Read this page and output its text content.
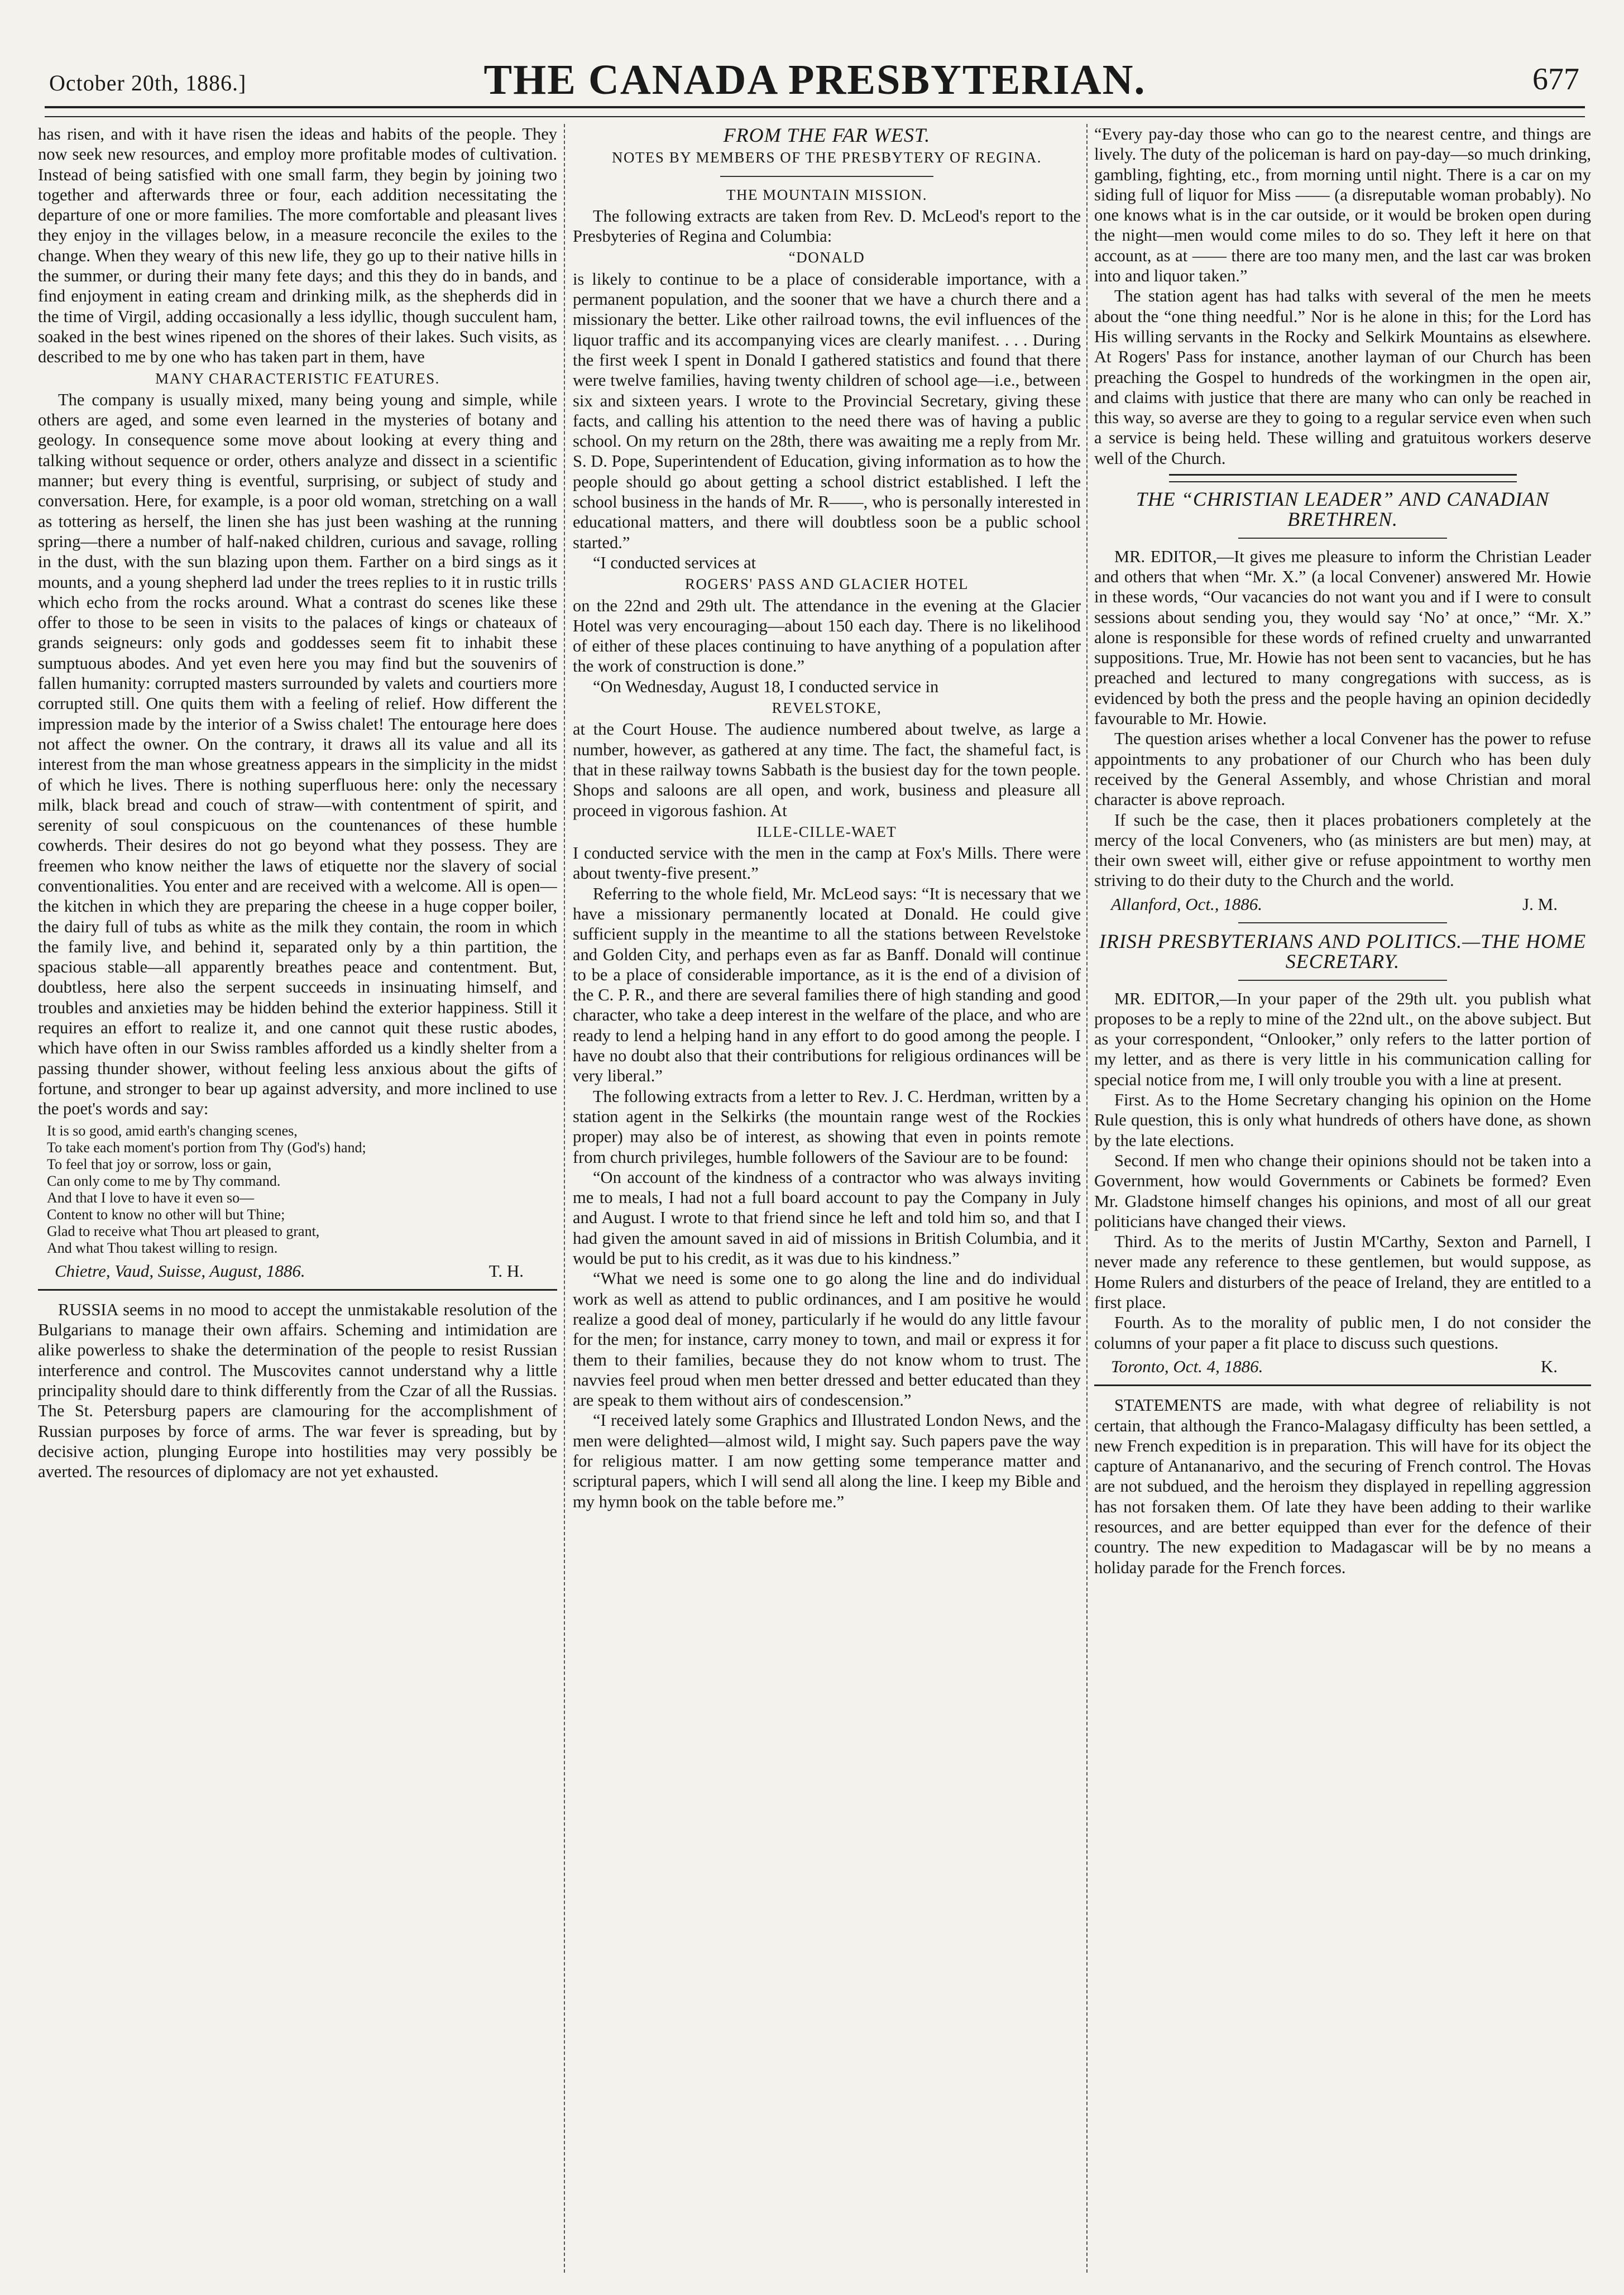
October 20th, 1886.]	THE CANADA PRESBYTERIAN.	677

has risen, and with it have risen the ideas and habits of the people. They now seek new resources, and employ more profitable modes of cultivation. Instead of being satisfied with one small farm, they begin by joining two together and afterwards three or four, each addition necessitating the departure of one or more families. The more comfortable and pleasant lives they enjoy in the villages below, in a measure reconcile the exiles to the change. When they weary of this new life, they go up to their native hills in the summer, or during their many fete days; and this they do in bands, and find enjoyment in eating cream and drinking milk, as the shepherds did in the time of Virgil, adding occasionally a less idyllic, though succulent ham, soaked in the best wines ripened on the shores of their lakes. Such visits, as described to me by one who has taken part in them, have

MANY CHARACTERISTIC FEATURES.

The company is usually mixed, many being young and simple, while others are aged, and some even learned in the mysteries of botany and geology. In consequence some move about looking at every thing and talking without sequence or order, others analyze and dissect in a scientific manner; but every thing is eventful, surprising, or subject of study and conversation. Here, for example, is a poor old woman, stretching on a wall as tottering as herself, the linen she has just been washing at the running spring—there a number of half-naked children, curious and savage, rolling in the dust, with the sun blazing upon them. Farther on a bird sings as it mounts, and a young shepherd lad under the trees replies to it in rustic trills which echo from the rocks around. What a contrast do scenes like these offer to those to be seen in visits to the palaces of kings or chateaux of grands seigneurs: only gods and goddesses seem fit to inhabit these sumptuous abodes. And yet even here you may find but the souvenirs of fallen humanity: corrupted masters surrounded by valets and courtiers more corrupted still. One quits them with a feeling of relief. How different the impression made by the interior of a Swiss chalet! The entourage here does not affect the owner. On the contrary, it draws all its value and all its interest from the man whose greatness appears in the simplicity in the midst of which he lives. There is nothing superfluous here: only the necessary milk, black bread and couch of straw—with contentment of spirit, and serenity of soul conspicuous on the countenances of these humble cowherds. Their desires do not go beyond what they possess. They are freemen who know neither the laws of etiquette nor the slavery of social conventionalities. You enter and are received with a welcome. All is open—the kitchen in which they are preparing the cheese in a huge copper boiler, the dairy full of tubs as white as the milk they contain, the room in which the family live, and behind it, separated only by a thin partition, the spacious stable—all apparently breathes peace and contentment. But, doubtless, here also the serpent succeeds in insinuating himself, and troubles and anxieties may be hidden behind the exterior happiness. Still it requires an effort to realize it, and one cannot quit these rustic abodes, which have often in our Swiss rambles afforded us a kindly shelter from a passing thunder shower, without feeling less anxious about the gifts of fortune, and stronger to bear up against adversity, and more inclined to use the poet's words and say:

It is so good, amid earth's changing scenes,
To take each moment's portion from Thy (God's) hand;
To feel that joy or sorrow, loss or gain,
Can only come to me by Thy command.
And that I love to have it even so—
Content to know no other will but Thine;
Glad to receive what Thou art pleased to grant,
And what Thou takest willing to resign.
Chietre, Vaud, Suisse, August, 1886.	T. H.

RUSSIA seems in no mood to accept the unmistakable resolution of the Bulgarians to manage their own affairs. Scheming and intimidation are alike powerless to shake the determination of the people to resist Russian interference and control. The Muscovites cannot understand why a little principality should dare to think differently from the Czar of all the Russias. The St. Petersburg papers are clamouring for the accomplishment of Russian purposes by force of arms. The war fever is spreading, but by decisive action, plunging Europe into hostilities may very possibly be averted. The resources of diplomacy are not yet exhausted.

FROM THE FAR WEST.
NOTES BY MEMBERS OF THE PRESBYTERY OF REGINA.
THE MOUNTAIN MISSION.

The following extracts are taken from Rev. D. McLeod's report to the Presbyteries of Regina and Columbia:

“DONALD

is likely to continue to be a place of considerable importance, with a permanent population, and the sooner that we have a church there and a missionary the better. Like other railroad towns, the evil influences of the liquor traffic and its accompanying vices are clearly manifest. . . . During the first week I spent in Donald I gathered statistics and found that there were twelve families, having twenty children of school age—i.e., between six and sixteen years. I wrote to the Provincial Secretary, giving these facts, and calling his attention to the need there was of having a public school. On my return on the 28th, there was awaiting me a reply from Mr. S. D. Pope, Superintendent of Education, giving information as to how the people should go about getting a school district established. I left the school business in the hands of Mr. R——, who is personally interested in educational matters, and there will doubtless soon be a public school started.”

“I conducted services at

ROGERS' PASS AND GLACIER HOTEL

on the 22nd and 29th ult. The attendance in the evening at the Glacier Hotel was very encouraging—about 150 each day. There is no likelihood of either of these places continuing to have anything of a population after the work of construction is done.”

“On Wednesday, August 18, I conducted service in

REVELSTOKE,

at the Court House. The audience numbered about twelve, as large a number, however, as gathered at any time. The fact, the shameful fact, is that in these railway towns Sabbath is the busiest day for the town people. Shops and saloons are all open, and work, business and pleasure all proceed in vigorous fashion. At

ILLE-CILLE-WAET

I conducted service with the men in the camp at Fox's Mills. There were about twenty-five present.”

Referring to the whole field, Mr. McLeod says: “It is necessary that we have a missionary permanently located at Donald. He could give sufficient supply in the meantime to all the stations between Revelstoke and Golden City, and perhaps even as far as Banff. Donald will continue to be a place of considerable importance, as it is the end of a division of the C. P. R., and there are several families there of high standing and good character, who take a deep interest in the welfare of the place, and who are ready to lend a helping hand in any effort to do good among the people. I have no doubt also that their contributions for religious ordinances will be very liberal.”

The following extracts from a letter to Rev. J. C. Herdman, written by a station agent in the Selkirks (the mountain range west of the Rockies proper) may also be of interest, as showing that even in points remote from church privileges, humble followers of the Saviour are to be found:

“On account of the kindness of a contractor who was always inviting me to meals, I had not a full board account to pay the Company in July and August. I wrote to that friend since he left and told him so, and that I had given the amount saved in aid of missions in British Columbia, and it would be put to his credit, as it was due to his kindness.”

“What we need is some one to go along the line and do individual work as well as attend to public ordinances, and I am positive he would realize a good deal of money, particularly if he would do any little favour for the men; for instance, carry money to town, and mail or express it for them to their families, because they do not know whom to trust. The navvies feel proud when men better dressed and better educated than they are speak to them without airs of condescension.”

“I received lately some Graphics and Illustrated London News, and the men were delighted—almost wild, I might say. Such papers pave the way for religious matter. I am now getting some temperance matter and scriptural papers, which I will send all along the line. I keep my Bible and my hymn book on the table before me.”

“Every pay-day those who can go to the nearest centre, and things are lively. The duty of the policeman is hard on pay-day—so much drinking, gambling, fighting, etc., from morning until night. There is a car on my siding full of liquor for Miss —— (a disreputable woman probably). No one knows what is in the car outside, or it would be broken open during the night—men would come miles to do so. They left it here on that account, as at —— there are too many men, and the last car was broken into and liquor taken.”

The station agent has had talks with several of the men he meets about the “one thing needful.” Nor is he alone in this; for the Lord has His willing servants in the Rocky and Selkirk Mountains as elsewhere. At Rogers' Pass for instance, another layman of our Church has been preaching the Gospel to hundreds of the workingmen in the open air, and claims with justice that there are many who can only be reached in this way, so averse are they to going to a regular service even when such a service is being held. These willing and gratuitous workers deserve well of the Church.

THE “CHRISTIAN LEADER” AND CANADIAN BRETHREN.

MR. EDITOR,—It gives me pleasure to inform the Christian Leader and others that when “Mr. X.” (a local Convener) answered Mr. Howie in these words, “Our vacancies do not want you and if I were to consult sessions about sending you, they would say ‘No’ at once,” “Mr. X.” alone is responsible for these words of refined cruelty and unwarranted suppositions. True, Mr. Howie has not been sent to vacancies, but he has preached and lectured to many congregations with success, as is evidenced by both the press and the people having an opinion decidedly favourable to Mr. Howie.

The question arises whether a local Convener has the power to refuse appointments to any probationer of our Church who has been duly received by the General Assembly, and whose Christian and moral character is above reproach.

If such be the case, then it places probationers completely at the mercy of the local Conveners, who (as ministers are but men) may, at their own sweet will, either give or refuse appointment to worthy men striving to do their duty to the Church and the world.

Allanford, Oct., 1886.	J. M.
IRISH PRESBYTERIANS AND POLITICS.—THE HOME SECRETARY.

MR. EDITOR,—In your paper of the 29th ult. you publish what proposes to be a reply to mine of the 22nd ult., on the above subject. But as your correspondent, “Onlooker,” only refers to the latter portion of my letter, and as there is very little in his communication calling for special notice from me, I will only trouble you with a line at present.

First. As to the Home Secretary changing his opinion on the Home Rule question, this is only what hundreds of others have done, as shown by the late elections.

Second. If men who change their opinions should not be taken into a Government, how would Governments or Cabinets be formed? Even Mr. Gladstone himself changes his opinions, and most of all our great politicians have changed their views.

Third. As to the merits of Justin M'Carthy, Sexton and Parnell, I never made any reference to these gentlemen, but would suppose, as Home Rulers and disturbers of the peace of Ireland, they are entitled to a first place.

Fourth. As to the morality of public men, I do not consider the columns of your paper a fit place to discuss such questions.

Toronto, Oct. 4, 1886.	K.

STATEMENTS are made, with what degree of reliability is not certain, that although the Franco-Malagasy difficulty has been settled, a new French expedition is in preparation. This will have for its object the capture of Antananarivo, and the securing of French control. The Hovas are not subdued, and the heroism they displayed in repelling aggression has not forsaken them. Of late they have been adding to their warlike resources, and are better equipped than ever for the defence of their country. The new expedition to Madagascar will be by no means a holiday parade for the French forces.
